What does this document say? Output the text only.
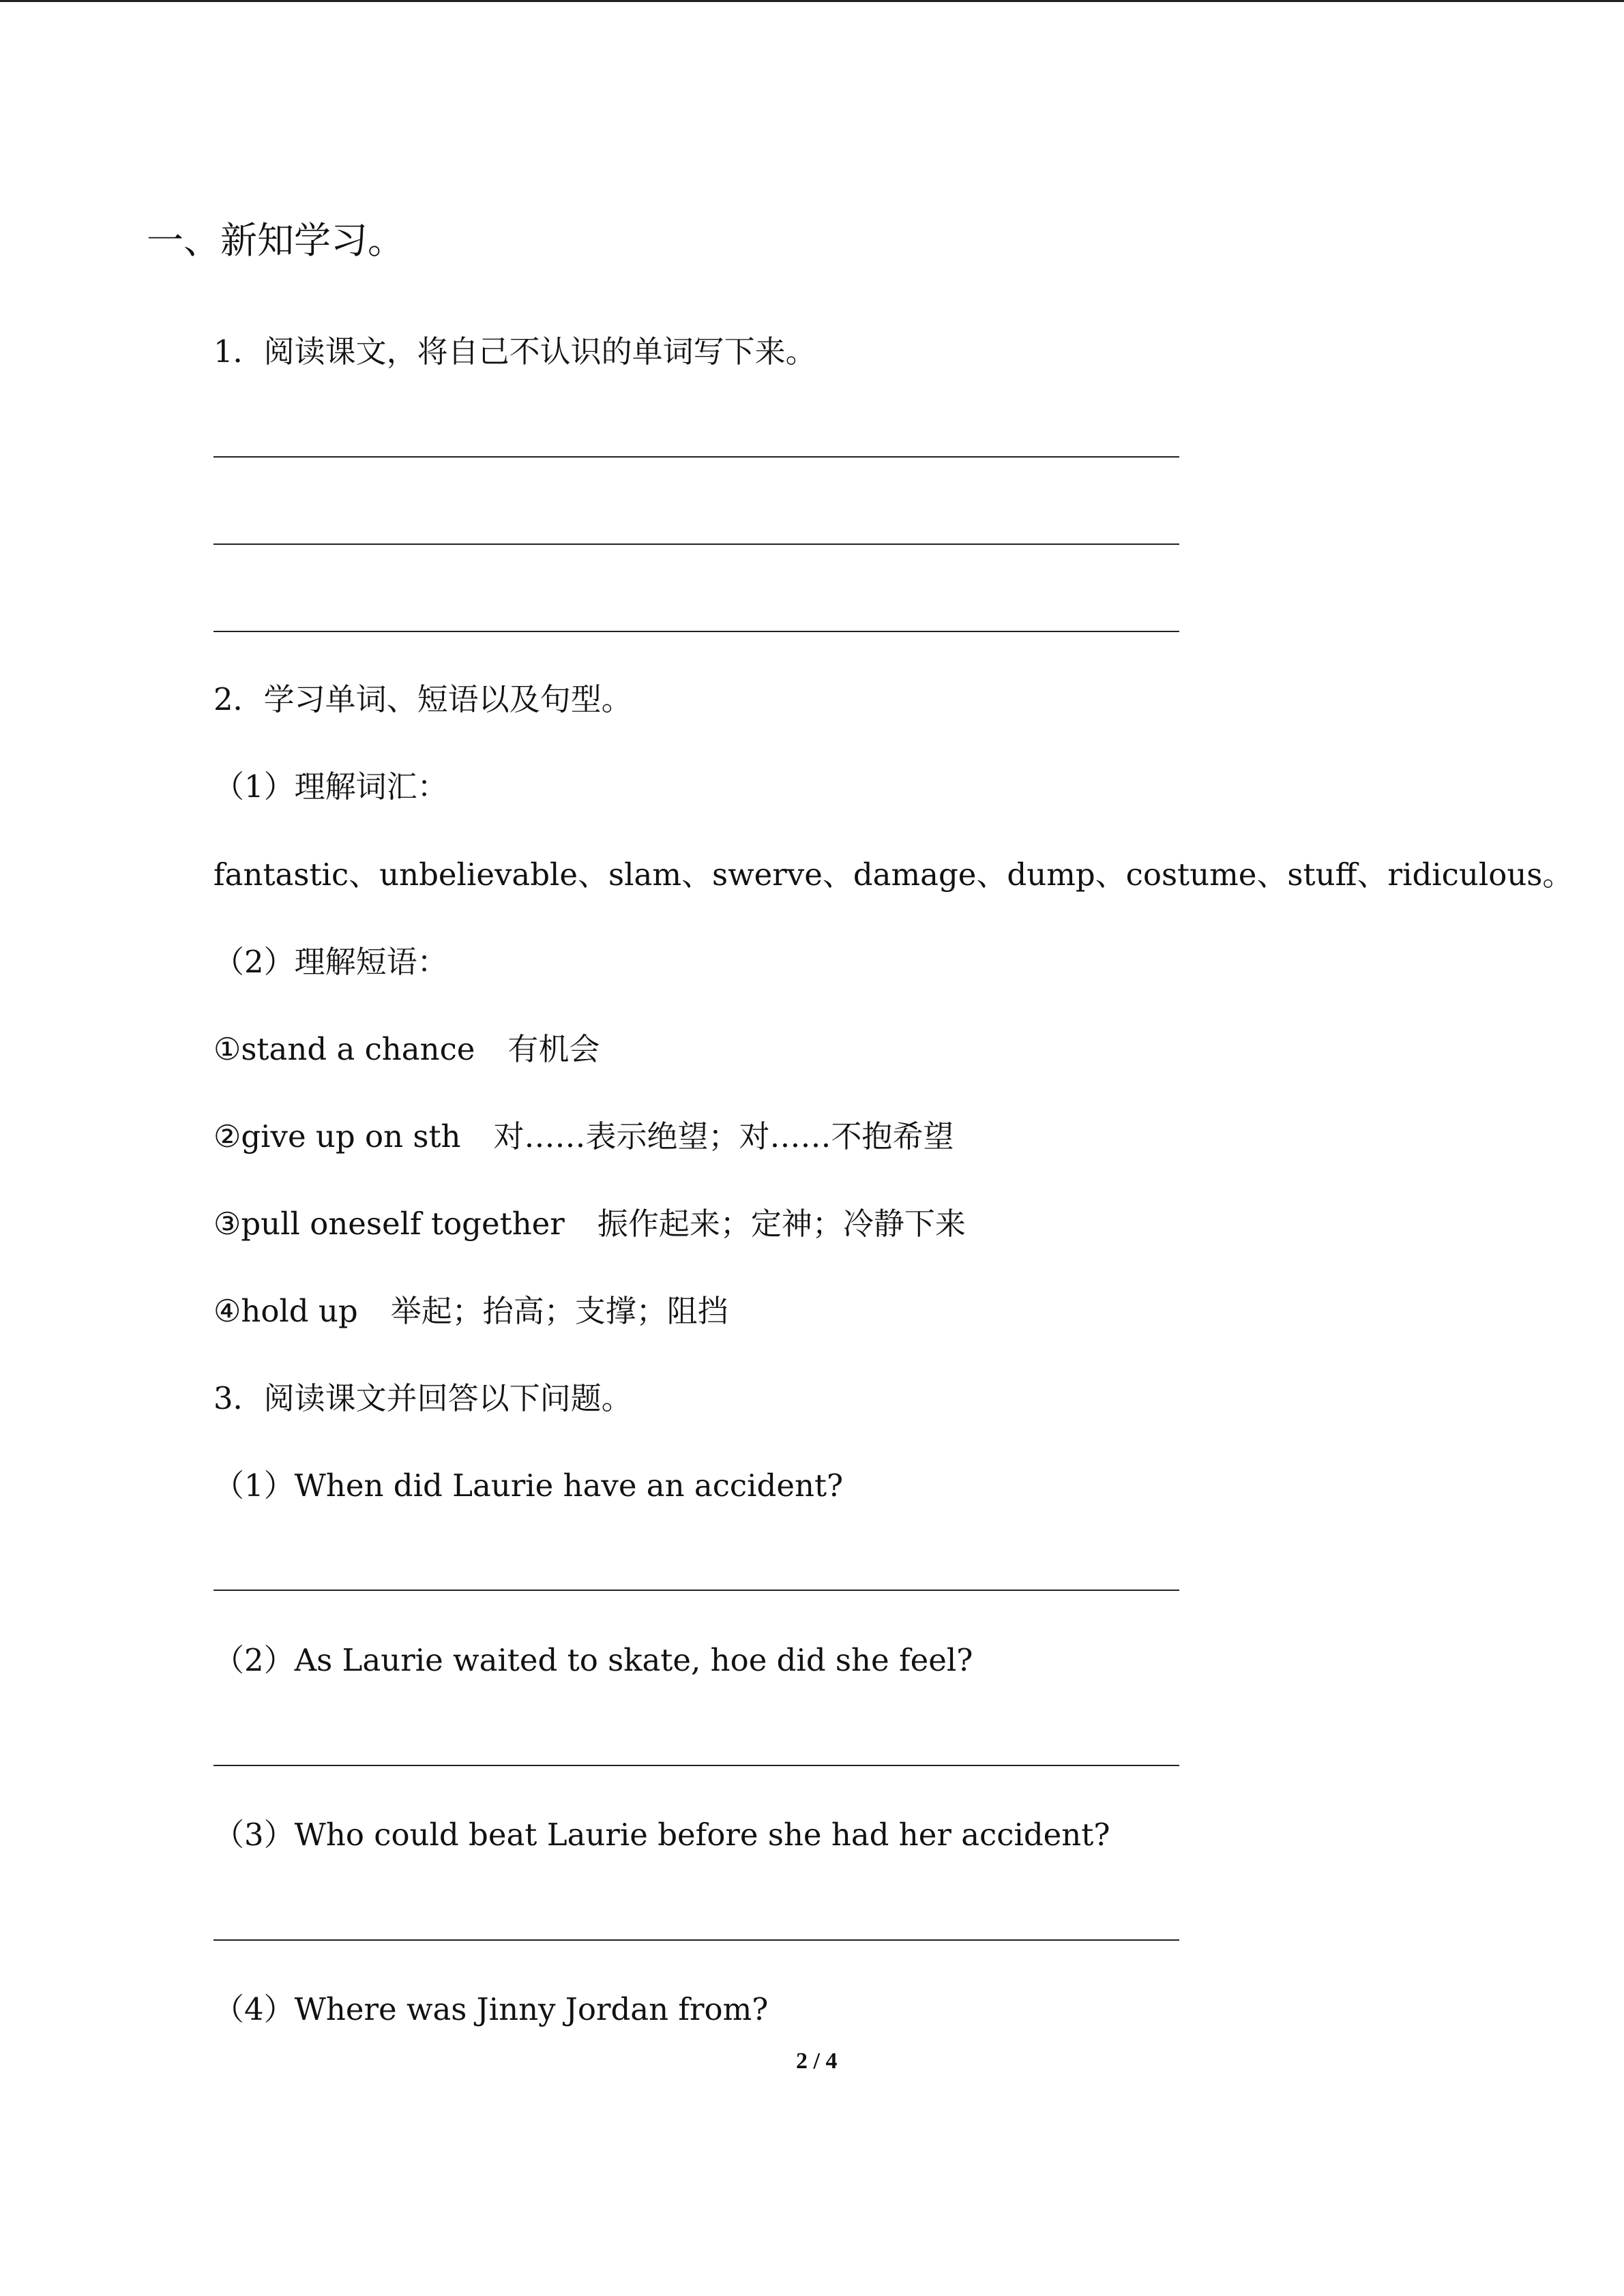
一、新知学习。
1．阅读课文，将自己不认识的单词写下来。
2．学习单词、短语以及句型。
（1）理解词汇：
fantastic、unbelievable、slam、swerve、damage、dump、costume、stuff、ridiculous。
（2）理解短语：
①stand a chance 有机会
②give up on sth 对……表示绝望；对……不抱希望
③pull oneself together 振作起来；定神；冷静下来
④hold up 举起；抬高；支撑；阻挡
3．阅读课文并回答以下问题。
（1）When did Laurie have an accident?
（2）As Laurie waited to skate, hoe did she feel?
（3）Who could beat Laurie before she had her accident?
（4）Where was Jinny Jordan from?
2 / 4
